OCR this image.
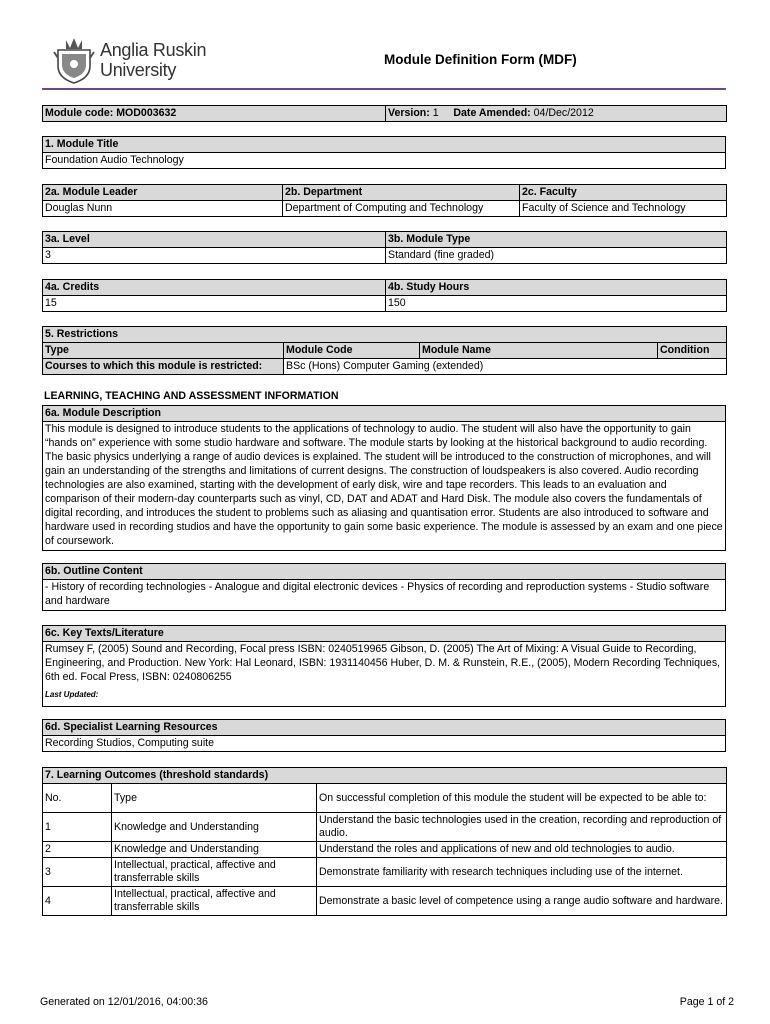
Anglia Ruskin
University
Module Definition Form (MDF)
Module code: MOD003632	Version: 1 Date Amended: 04/Dec/2012
1. Module Title
Foundation Audio Technology
2a. Module Leader	2b. Department	2c. Faculty
Douglas Nunn	Department of Computing and Technology	Faculty of Science and Technology
3a. Level	3b. Module Type
3	Standard (fine graded)
4a. Credits	4b. Study Hours
15	150
5. Restrictions			
Type	Module Code	Module Name	Condition
Courses to which this module is restricted:	BSc (Hons) Computer Gaming (extended)		
LEARNING, TEACHING AND ASSESSMENT INFORMATION
6a. Module Description
This module is designed to introduce students to the applications of technology to audio. The student will also have the opportunity to gain “hands on” experience with some studio hardware and software. The module starts by looking at the historical background to audio recording. The basic physics underlying a range of audio devices is explained. The student will be introduced to the construction of microphones, and will gain an understanding of the strengths and limitations of current designs. The construction of loudspeakers is also covered. Audio recording technologies are also examined, starting with the development of early disk, wire and tape recorders. This leads to an evaluation and comparison of their modern-day counterparts such as vinyl, CD, DAT and ADAT and Hard Disk. The module also covers the fundamentals of digital recording, and introduces the student to problems such as aliasing and quantisation error. Students are also introduced to software and hardware used in recording studios and have the opportunity to gain some basic experience. The module is assessed by an exam and one piece of coursework.
6b. Outline Content
- History of recording technologies - Analogue and digital electronic devices - Physics of recording and reproduction systems - Studio software and hardware
6c. Key Texts/Literature
Rumsey F, (2005) Sound and Recording, Focal press ISBN: 0240519965 Gibson, D. (2005) The Art of Mixing: A Visual Guide to Recording, Engineering, and Production. New York: Hal Leonard, ISBN: 1931140456 Huber, D. M. & Runstein, R.E., (2005), Modern Recording Techniques, 6th ed. Focal Press, ISBN: 0240806255
Last Updated:
6d. Specialist Learning Resources
Recording Studios, Computing suite
7. Learning Outcomes (threshold standards)		
No.	Type	On successful completion of this module the student will be expected to be able to:
1	Knowledge and Understanding	Understand the basic technologies used in the creation, recording and reproduction of audio.
2	Knowledge and Understanding	Understand the roles and applications of new and old technologies to audio.
3	Intellectual, practical, affective and transferrable skills	Demonstrate familiarity with research techniques including use of the internet.
4	Intellectual, practical, affective and transferrable skills	Demonstrate a basic level of competence using a range audio software and hardware.
Generated on 12/01/2016, 04:00:36	Page 1 of 2
